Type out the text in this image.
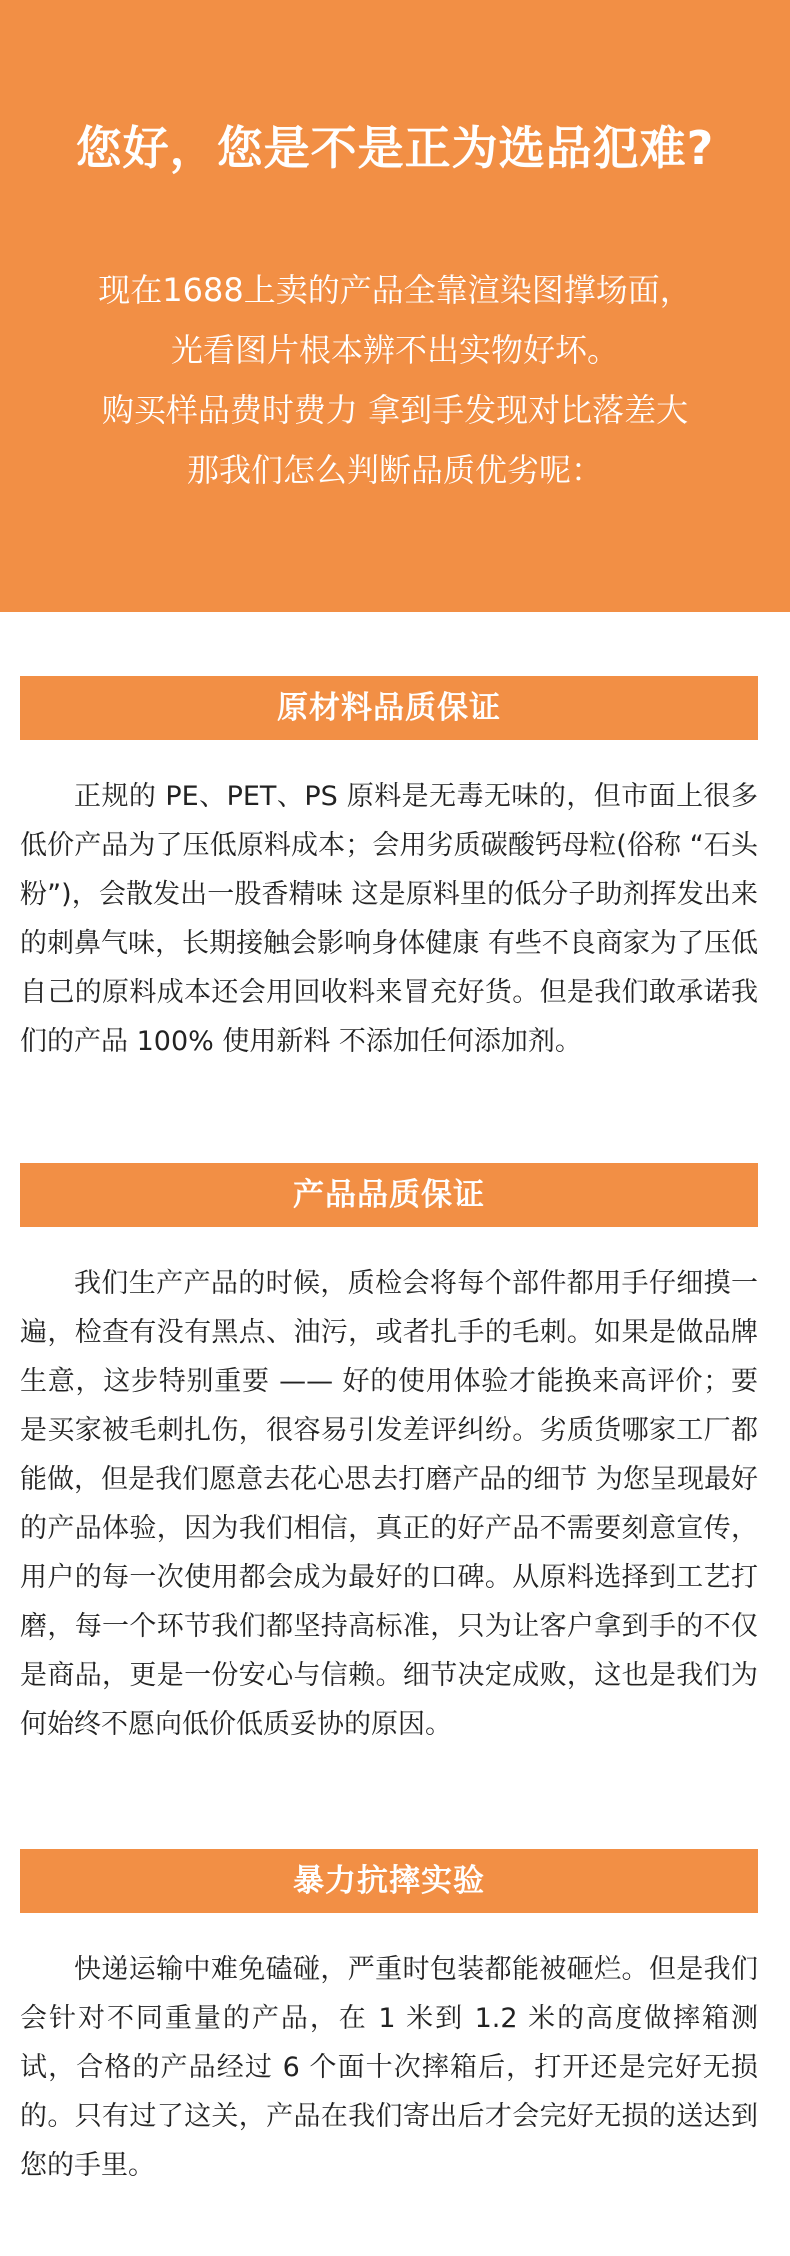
您好，您是不是正为选品犯难?
现在1688上卖的产品全靠渲染图撑场面，
光看图片根本辨不出实物好坏。
购买样品费时费力 拿到手发现对比落差大
那我们怎么判断品质优劣呢：
原材料品质保证

正规的 PE、PET、PS 原料是无毒无味的，但市面上很多低价产品为了压低原料成本；会用劣质碳酸钙母粒(俗称 “石头粉”)，会散发出一股香精味 这是原料里的低分子助剂挥发出来的刺鼻气味，长期接触会影响身体健康 有些不良商家为了压低自己的原料成本还会用回收料来冒充好货。但是我们敢承诺我们的产品 100% 使用新料 不添加任何添加剂。

产品品质保证

我们生产产品的时候，质检会将每个部件都用手仔细摸一遍，检查有没有黑点、油污，或者扎手的毛刺。如果是做品牌生意，这步特别重要 —— 好的使用体验才能换来高评价；要是买家被毛刺扎伤，很容易引发差评纠纷。劣质货哪家工厂都能做，但是我们愿意去花心思去打磨产品的细节 为您呈现最好的产品体验，因为我们相信，真正的好产品不需要刻意宣传，用户的每一次使用都会成为最好的口碑。从原料选择到工艺打磨，每一个环节我们都坚持高标准，只为让客户拿到手的不仅是商品，更是一份安心与信赖。细节决定成败，这也是我们为何始终不愿向低价低质妥协的原因。

暴力抗摔实验

快递运输中难免磕碰，严重时包装都能被砸烂。但是我们会针对不同重量的产品，在 1 米到 1.2 米的高度做摔箱测试，合格的产品经过 6 个面十次摔箱后，打开还是完好无损的。只有过了这关，产品在我们寄出后才会完好无损的送达到您的手里。
